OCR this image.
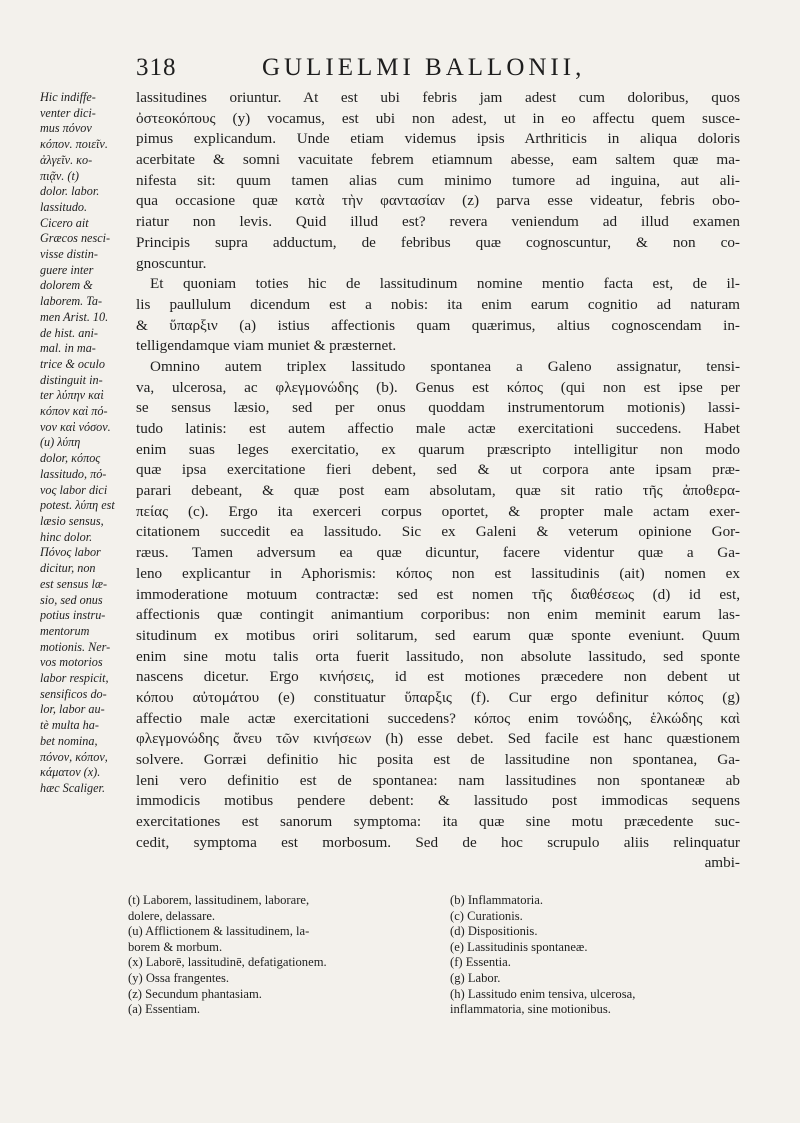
318	GULIELMI BALLONII,
Hic indiffe-
venter dici-
mus πόνον
κόπον. ποιεῖν.
ἀλγεῖν. κο-
πιᾷν. (t)
dolor. labor.
lassitudo.
Cicero ait
Græcos nesci-
visse distin-
guere inter
dolorem &
laborem. Ta-
men Arist. 10.
de hist. ani-
mal. in ma-
trice & oculo
distinguit in-
ter λύπην καὶ
κόπον καὶ πό-
νον καὶ νόσον.
(u) λύπη
dolor, κόπος
lassitudo, πό-
νος labor dici
potest. λύπη est
læsio sensus,
hinc dolor.
Πόνος labor
dicitur, non
est sensus læ-
sio, sed onus
potius instru-
mentorum
motionis. Ner-
vos motorios
labor respicit,
sensificos do-
lor, labor au-
tè multa ha-
bet nomina,
πόνον, κόπον,
κάματον (x).
hæc Scaliger.
lassitudines oriuntur. At est ubi febris jam adest cum doloribus, quos
ὀστεοκόπους (y) vocamus, est ubi non adest, ut in eo affectu quem susce-
pimus explicandum. Unde etiam videmus ipsis Arthriticis in aliqua doloris
acerbitate & somni vacuitate febrem etiamnum abesse, eam saltem quæ ma-
nifesta sit: quum tamen alias cum minimo tumore ad inguina, aut ali-
qua occasione quæ κατὰ τὴν φαντασίαν (z) parva esse videatur, febris obo-
riatur non levis. Quid illud est? revera veniendum ad illud examen
Principis supra adductum, de febribus quæ cognoscuntur, & non co-
gnoscuntur.
Et quoniam toties hic de lassitudinum nomine mentio facta est, de il-
lis paullulum dicendum est a nobis: ita enim earum cognitio ad naturam
& ὕπαρξιν (a) istius affectionis quam quærimus, altius cognoscendam in-
telligendamque viam muniet & præsternet.
Omnino autem triplex lassitudo spontanea a Galeno assignatur, tensi-
va, ulcerosa, ac φλεγμονώδης (b). Genus est κόπος (qui non est ipse per
se sensus læsio, sed per onus quoddam instrumentorum motionis) lassi-
tudo latinis: est autem affectio male actæ exercitationi succedens. Habet
enim suas leges exercitatio, ex quarum præscripto intelligitur non modo
quæ ipsa exercitatione fieri debent, sed & ut corpora ante ipsam præ-
parari debeant, & quæ post eam absolutam, quæ sit ratio τῆς ἀποθερα-
πείας (c). Ergo ita exerceri corpus oportet, & propter male actam exer-
citationem succedit ea lassitudo. Sic ex Galeni & veterum opinione Gor-
ræus. Tamen adversum ea quæ dicuntur, facere videntur quæ a Ga-
leno explicantur in Aphorismis: κόπος non est lassitudinis (ait) nomen ex
immoderatione motuum contractæ: sed est nomen τῆς διαθέσεως (d) id est,
affectionis quæ contingit animantium corporibus: non enim meminit earum las-
situdinum ex motibus oriri solitarum, sed earum quæ sponte eveniunt. Quum
enim sine motu talis orta fuerit lassitudo, non absolute lassitudo, sed sponte
nascens dicetur. Ergo κινήσεις, id est motiones præcedere non debent ut
κόπου αὐτομάτου (e) constituatur ὕπαρξις (f). Cur ergo definitur κόπος (g)
affectio male actæ exercitationi succedens? κόπος enim τονώδης, ἑλκώδης καὶ
φλεγμονώδης ἄνευ τῶν κινήσεων (h) esse debet. Sed facile est hanc quæstionem
solvere. Gorræi definitio hic posita est de lassitudine non spontanea, Ga-
leni vero definitio est de spontanea: nam lassitudines non spontaneæ ab
immodicis motibus pendere debent: & lassitudo post immodicas sequens
exercitationes est sanorum symptoma: ita quæ sine motu præcedente suc-
cedit, symptoma est morbosum. Sed de hoc scrupulo aliis relinquatur
ambi-
(t) Laborem, lassitudinem, laborare,
dolere, delassare.
(u) Afflictionem & lassitudinem, la-
borem & morbum.
(x) Laborē, lassitudinē, defatigationem.
(y) Ossa frangentes.
(z) Secundum phantasiam.
(a) Essentiam.
(b) Inflammatoria.
(c) Curationis.
(d) Dispositionis.
(e) Lassitudinis spontaneæ.
(f) Essentia.
(g) Labor.
(h) Lassitudo enim tensiva, ulcerosa,
inflammatoria, sine motionibus.
